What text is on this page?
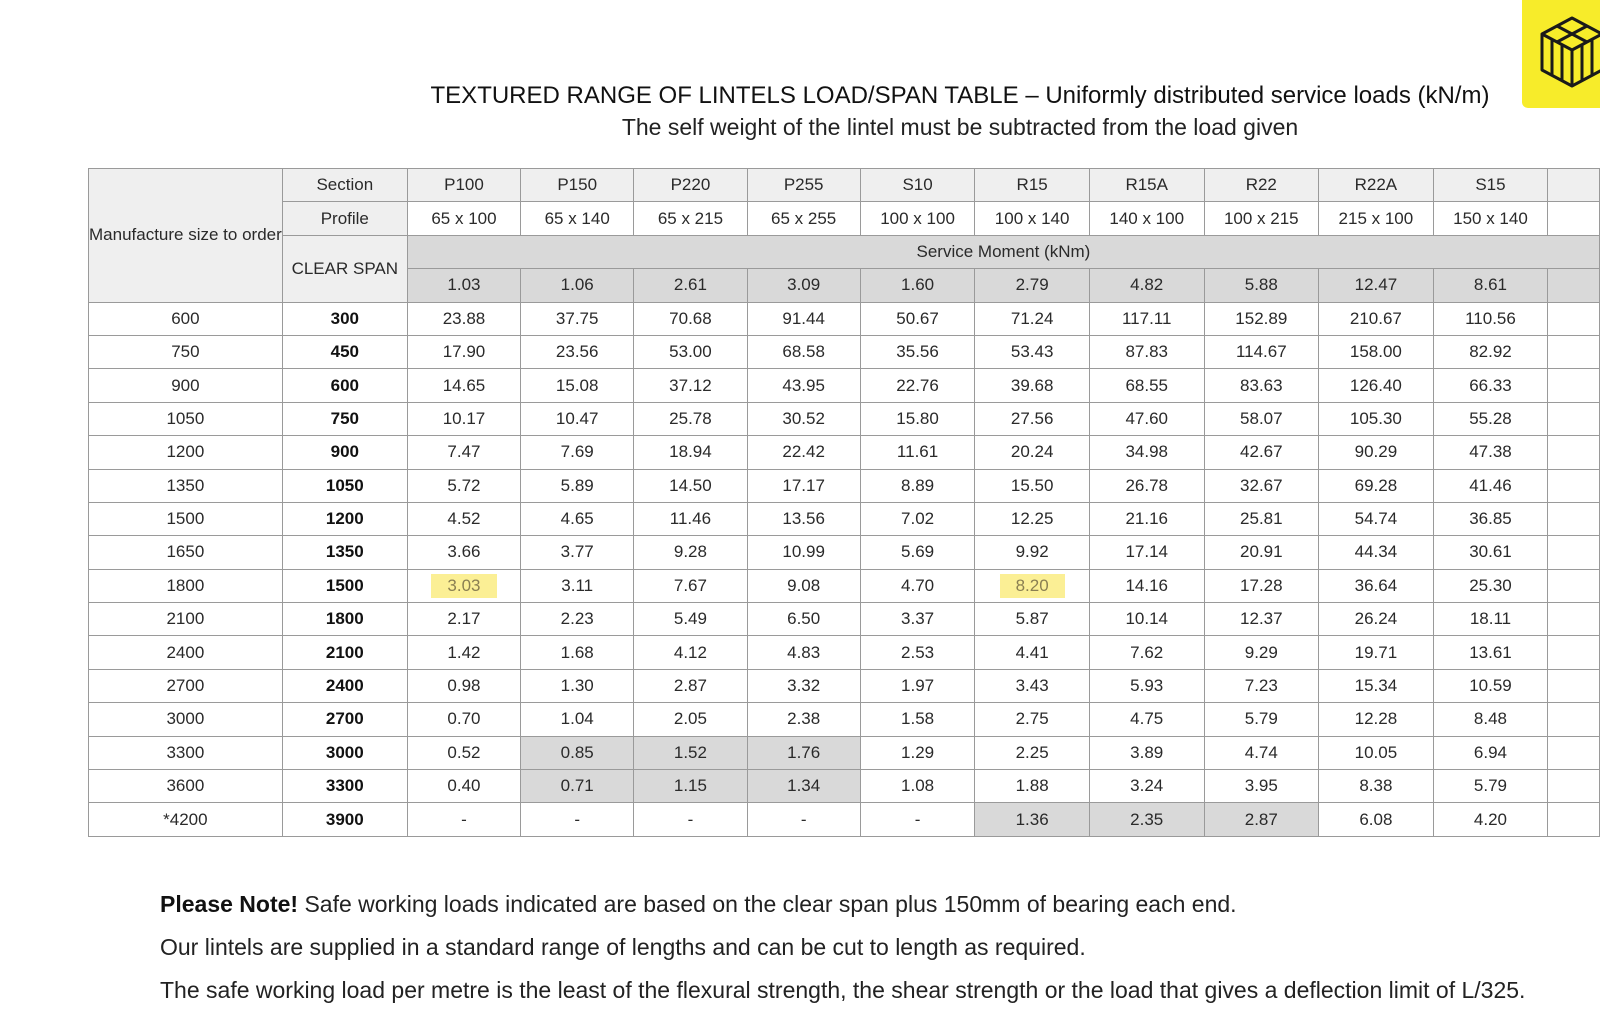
TEXTURED RANGE OF LINTELS LOAD/SPAN TABLE – Uniformly distributed service loads (kN/m)
The self weight of the lintel must be subtracted from the load given
Manufacture size to order	Section	P100	P150	P220	P255	S10	R15	R15A	R22	R22A	S15	
	Profile	65 x 100	65 x 140	65 x 215	65 x 255	100 x 100	100 x 140	140 x 100	100 x 215	215 x 100	150 x 140	
	CLEAR SPAN	Service Moment (kNm)										
		1.03	1.06	2.61	3.09	1.60	2.79	4.82	5.88	12.47	8.61	
600	300	23.88	37.75	70.68	91.44	50.67	71.24	117.11	152.89	210.67	110.56	
750	450	17.90	23.56	53.00	68.58	35.56	53.43	87.83	114.67	158.00	82.92	
900	600	14.65	15.08	37.12	43.95	22.76	39.68	68.55	83.63	126.40	66.33	
1050	750	10.17	10.47	25.78	30.52	15.80	27.56	47.60	58.07	105.30	55.28	
1200	900	7.47	7.69	18.94	22.42	11.61	20.24	34.98	42.67	90.29	47.38	
1350	1050	5.72	5.89	14.50	17.17	8.89	15.50	26.78	32.67	69.28	41.46	
1500	1200	4.52	4.65	11.46	13.56	7.02	12.25	21.16	25.81	54.74	36.85	
1650	1350	3.66	3.77	9.28	10.99	5.69	9.92	17.14	20.91	44.34	30.61	
1800	1500	3.03	3.11	7.67	9.08	4.70	8.20	14.16	17.28	36.64	25.30	
2100	1800	2.17	2.23	5.49	6.50	3.37	5.87	10.14	12.37	26.24	18.11	
2400	2100	1.42	1.68	4.12	4.83	2.53	4.41	7.62	9.29	19.71	13.61	
2700	2400	0.98	1.30	2.87	3.32	1.97	3.43	5.93	7.23	15.34	10.59	
3000	2700	0.70	1.04	2.05	2.38	1.58	2.75	4.75	5.79	12.28	8.48	
3300	3000	0.52	0.85	1.52	1.76	1.29	2.25	3.89	4.74	10.05	6.94	
3600	3300	0.40	0.71	1.15	1.34	1.08	1.88	3.24	3.95	8.38	5.79	
*4200	3900	-	-	-	-	-	1.36	2.35	2.87	6.08	4.20	

Please Note! Safe working loads indicated are based on the clear span plus 150mm of bearing each end.

Our lintels are supplied in a standard range of lengths and can be cut to length as required.

The safe working load per metre is the least of the flexural strength, the shear strength or the load that gives a deflection limit of L/325.
